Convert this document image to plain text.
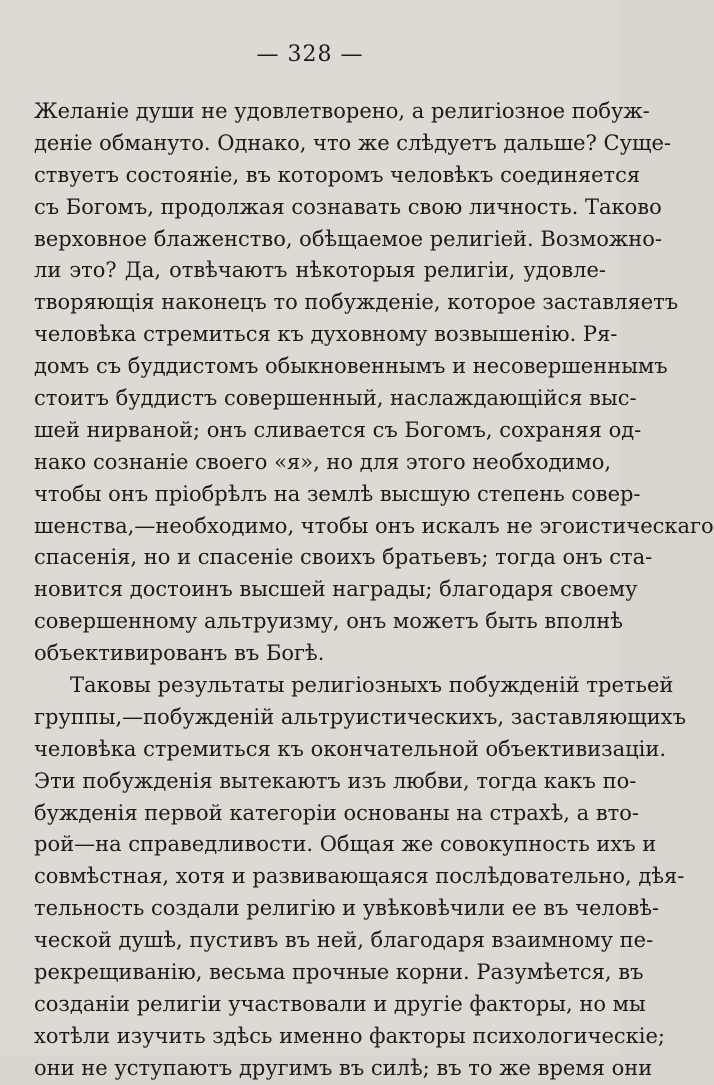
— 328 —
Желаніе души не удовлетворено, а религіозное побуж-
деніе обмануто. Однако, что же слѣдуетъ дальше? Суще-
ствуетъ состояніе, въ которомъ человѣкъ соединяется
съ Богомъ, продолжая сознавать свою личность. Таково
верховное блаженство, обѣщаемое религіей. Возможно-
ли это? Да, отвѣчаютъ нѣкоторыя религіи, удовле-
творяющія наконецъ то побужденіе, которое заставляетъ
человѣка стремиться къ духовному возвышенію. Ря-
домъ съ буддистомъ обыкновеннымъ и несовершеннымъ
стоитъ буддистъ совершенный, наслаждающійся выс-
шей нирваной; онъ сливается съ Богомъ, сохраняя од-
нако сознаніе своего «я», но для этого необходимо,
чтобы онъ пріобрѣлъ на землѣ высшую степень совер-
шенства,—необходимо, чтобы онъ искалъ не эгоистическаго
спасенія, но и спасеніе своихъ братьевъ; тогда онъ ста-
новится достоинъ высшей награды; благодаря своему
совершенному альтруизму, онъ можетъ быть вполнѣ
объективированъ въ Богѣ.
Таковы результаты религіозныхъ побужденій третьей
группы,—побужденій альтруистическихъ, заставляющихъ
человѣка стремиться къ окончательной объективизаціи.
Эти побужденія вытекаютъ изъ любви, тогда какъ по-
бужденія первой категоріи основаны на страхѣ, а вто-
рой—на справедливости. Общая же совокупность ихъ и
совмѣстная, хотя и развивающаяся послѣдовательно, дѣя-
тельность создали религію и увѣковѣчили ее въ человѣ-
ческой душѣ, пустивъ въ ней, благодаря взаимному пе-
рекрещиванію, весьма прочные корни. Разумѣется, въ
созданіи религіи участвовали и другіе факторы, но мы
хотѣли изучить здѣсь именно факторы психологическіе;
они не уступаютъ другимъ въ силѣ; въ то же время они
